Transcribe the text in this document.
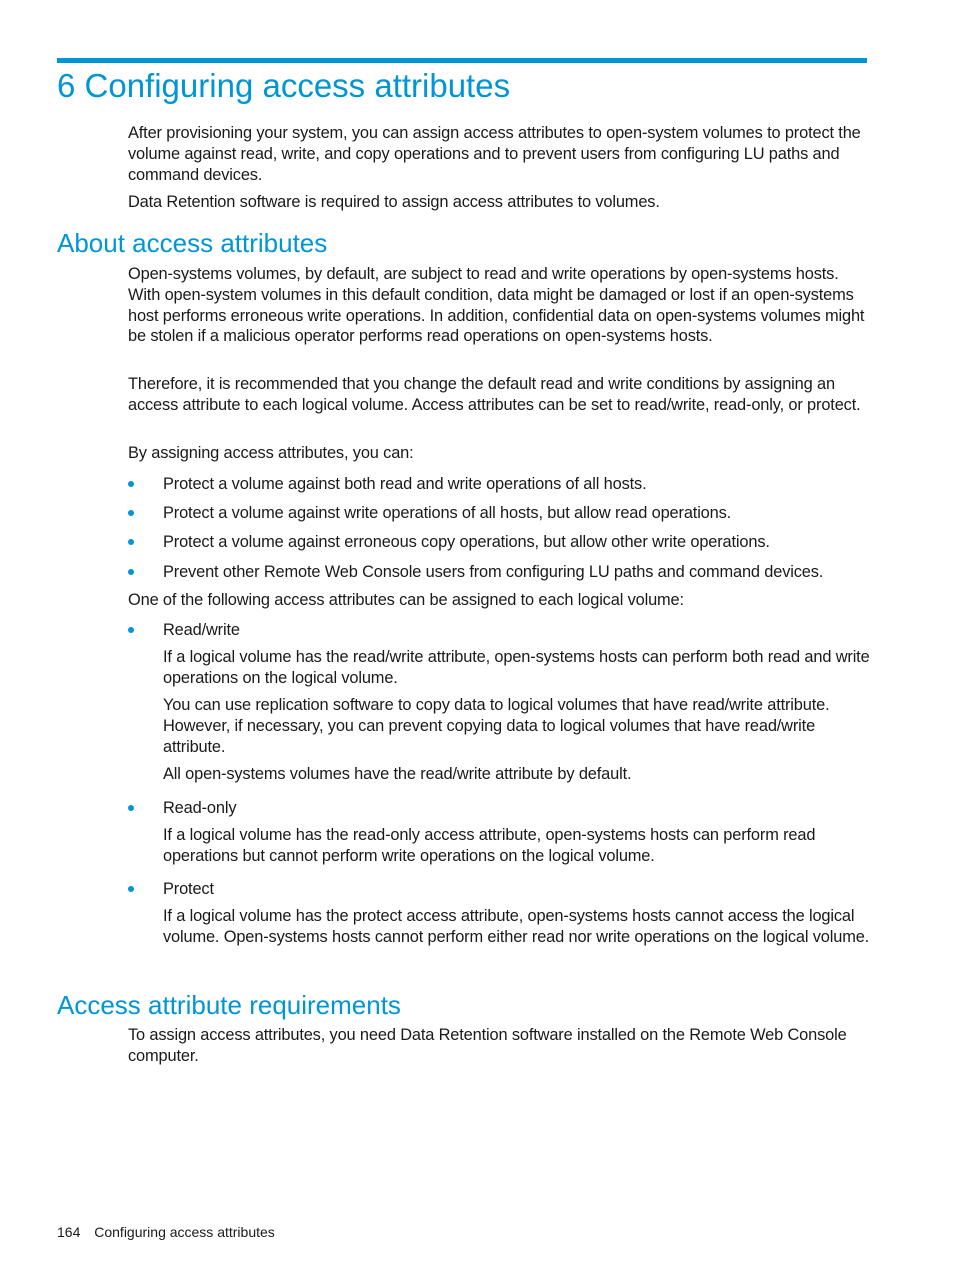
6 Configuring access attributes

After provisioning your system, you can assign access attributes to open-system volumes to protect the volume against read, write, and copy operations and to prevent users from configuring LU paths and command devices.

Data Retention software is required to assign access attributes to volumes.

About access attributes

Open-systems volumes, by default, are subject to read and write operations by open-systems hosts. With open-system volumes in this default condition, data might be damaged or lost if an open-systems host performs erroneous write operations. In addition, confidential data on open-systems volumes might be stolen if a malicious operator performs read operations on open-systems hosts.

Therefore, it is recommended that you change the default read and write conditions by assigning an access attribute to each logical volume. Access attributes can be set to read/write, read-only, or protect.

By assigning access attributes, you can:

Protect a volume against both read and write operations of all hosts.
Protect a volume against write operations of all hosts, but allow read operations.
Protect a volume against erroneous copy operations, but allow other write operations.
Prevent other Remote Web Console users from configuring LU paths and command devices.

One of the following access attributes can be assigned to each logical volume:

Read/write

If a logical volume has the read/write attribute, open-systems hosts can perform both read and write operations on the logical volume.

You can use replication software to copy data to logical volumes that have read/write attribute. However, if necessary, you can prevent copying data to logical volumes that have read/write attribute.

All open-systems volumes have the read/write attribute by default.

Read-only

If a logical volume has the read-only access attribute, open-systems hosts can perform read operations but cannot perform write operations on the logical volume.

Protect

If a logical volume has the protect access attribute, open-systems hosts cannot access the logical volume. Open-systems hosts cannot perform either read nor write operations on the logical volume.

Access attribute requirements

To assign access attributes, you need Data Retention software installed on the Remote Web Console computer.

164 Configuring access attributes
